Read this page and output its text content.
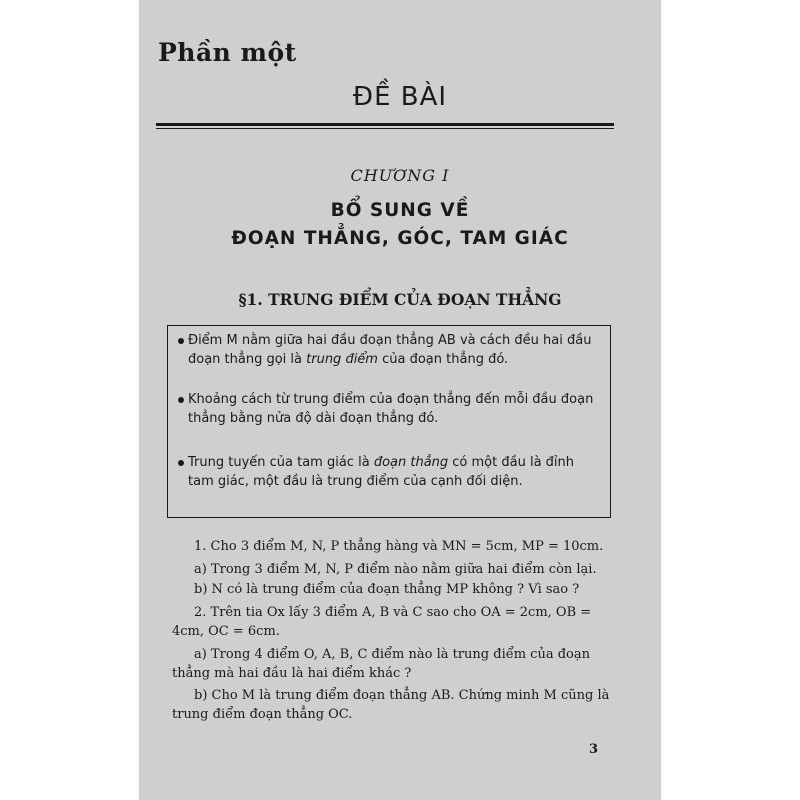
Phần một
ĐỀ BÀI
CHƯƠNG I
BỔ SUNG VỀ
ĐOẠN THẲNG, GÓC, TAM GIÁC
§1. TRUNG ĐIỂM CỦA ĐOẠN THẲNG
Điểm M nằm giữa hai đầu đoạn thẳng AB và cách đều hai đầu đoạn thẳng gọi là trung điểm của đoạn thẳng đó.
Khoảng cách từ trung điểm của đoạn thẳng đến mỗi đầu đoạn thẳng bằng nửa độ dài đoạn thẳng đó.
Trung tuyến của tam giác là đoạn thẳng có một đầu là đỉnh tam giác, một đầu là trung điểm của cạnh đối diện.
1. Cho 3 điểm M, N, P thẳng hàng và MN = 5cm, MP = 10cm.
a) Trong 3 điểm M, N, P điểm nào nằm giữa hai điểm còn lại.
b) N có là trung điểm của đoạn thẳng MP không ? Vì sao ?
2. Trên tia Ox lấy 3 điểm A, B và C sao cho OA = 2cm, OB = 4cm, OC = 6cm.
a) Trong 4 điểm O, A, B, C điểm nào là trung điểm của đoạn thẳng mà hai đầu là hai điểm khác ?
b) Cho M là trung điểm đoạn thẳng AB. Chứng minh M cũng là trung điểm đoạn thẳng OC.
3
